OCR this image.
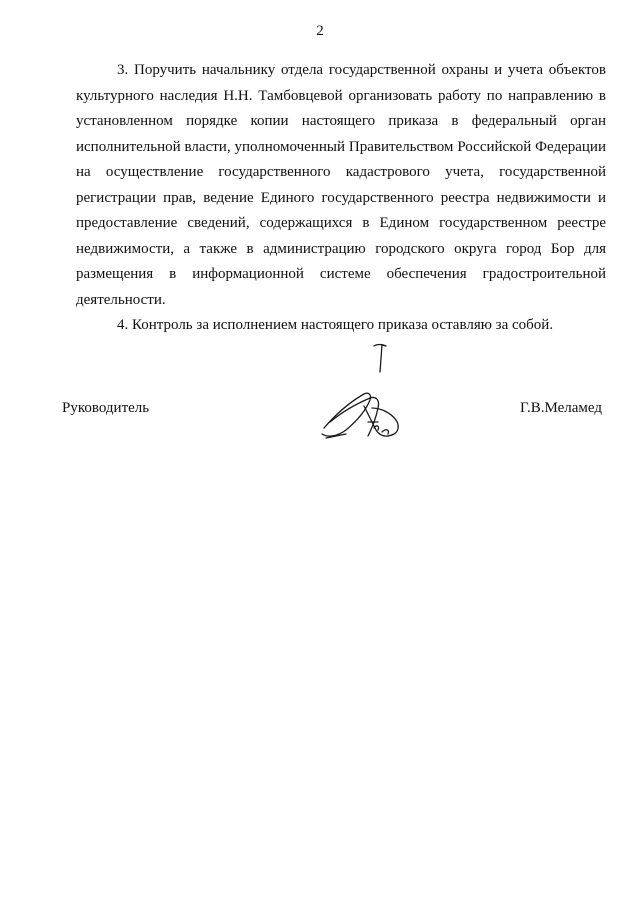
2

3. Поручить начальнику отдела государственной охраны и учета объектов культурного наследия Н.Н. Тамбовцевой организовать работу по направлению в установленном порядке копии настоящего приказа в федеральный орган исполнительной власти, уполномоченный Правительством Российской Федерации на осуществление государственного кадастрового учета, государственной регистрации прав, ведение Единого государственного реестра недвижимости и предоставление сведений, содержащихся в Едином государственном реестре недвижимости, а также в администрацию городского округа город Бор для размещения в информационной системе обеспечения градостроительной деятельности.

4. Контроль за исполнением настоящего приказа оставляю за собой.

Руководитель	Г.В.Меламед
